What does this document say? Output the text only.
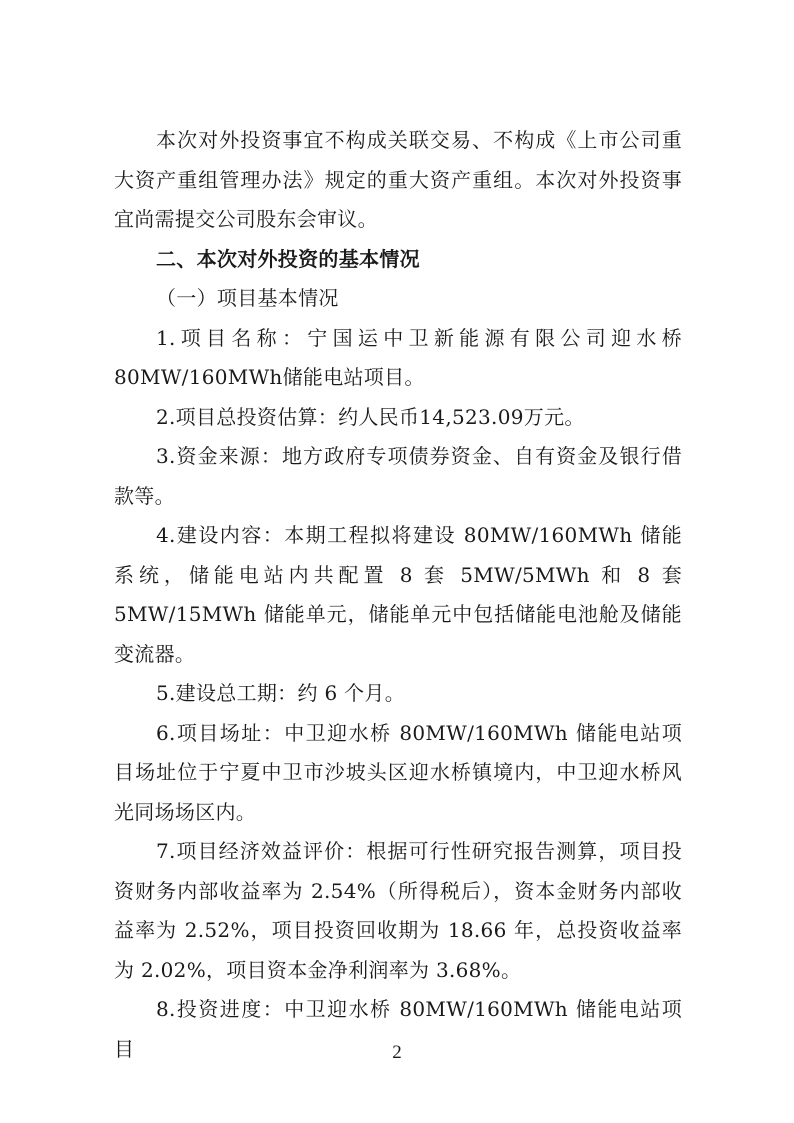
本次对外投资事宜不构成关联交易、不构成《上市公司重大资产重组管理办法》规定的重大资产重组。本次对外投资事宜尚需提交公司股东会审议。

二、本次对外投资的基本情况

（一）项目基本情况

1.项目名称：宁国运中卫新能源有限公司迎水桥80MW/160MWh储能电站项目。

2.项目总投资估算：约人民币14,523.09万元。

3.资金来源：地方政府专项债券资金、自有资金及银行借款等。

4.建设内容：本期工程拟将建设 80MW/160MWh 储能系统，储能电站内共配置 8 套 5MW/5MWh 和 8 套 5MW/15MWh 储能单元，储能单元中包括储能电池舱及储能变流器。

5.建设总工期：约 6 个月。

6.项目场址：中卫迎水桥 80MW/160MWh 储能电站项目场址位于宁夏中卫市沙坡头区迎水桥镇境内，中卫迎水桥风光同场场区内。

7.项目经济效益评价：根据可行性研究报告测算，项目投资财务内部收益率为 2.54%（所得税后），资本金财务内部收益率为 2.52%，项目投资回收期为 18.66 年，总投资收益率为 2.02%，项目资本金净利润率为 3.68%。

8.投资进度：中卫迎水桥 80MW/160MWh 储能电站项目	2
